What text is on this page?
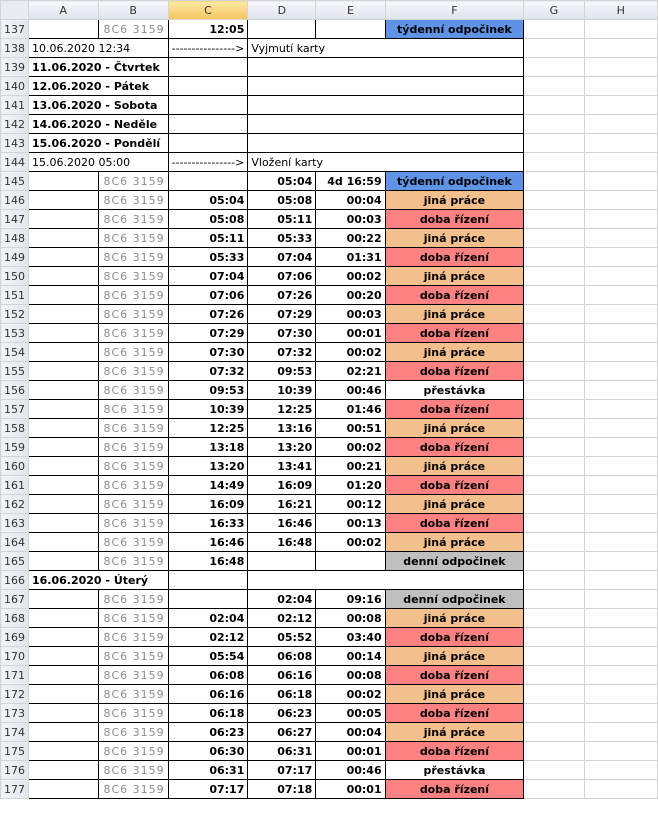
	A	B	C	D	E	F	G	H
137		8C6 3159	12:05			týdenní odpočinek		
138	10.06.2020 12:34		---------------->	Vyjmutí karty				
139	11.06.2020 - Čtvrtek							
140	12.06.2020 - Pátek							
141	13.06.2020 - Sobota							
142	14.06.2020 - Neděle							
143	15.06.2020 - Pondělí							
144	15.06.2020 05:00		---------------->	Vložení karty				
145		8C6 3159		05:04	4d 16:59	týdenní odpočinek		
146		8C6 3159	05:04	05:08	00:04	jiná práce		
147		8C6 3159	05:08	05:11	00:03	doba řízení		
148		8C6 3159	05:11	05:33	00:22	jiná práce		
149		8C6 3159	05:33	07:04	01:31	doba řízení		
150		8C6 3159	07:04	07:06	00:02	jiná práce		
151		8C6 3159	07:06	07:26	00:20	doba řízení		
152		8C6 3159	07:26	07:29	00:03	jiná práce		
153		8C6 3159	07:29	07:30	00:01	doba řízení		
154		8C6 3159	07:30	07:32	00:02	jiná práce		
155		8C6 3159	07:32	09:53	02:21	doba řízení		
156		8C6 3159	09:53	10:39	00:46	přestávka		
157		8C6 3159	10:39	12:25	01:46	doba řízení		
158		8C6 3159	12:25	13:16	00:51	jiná práce		
159		8C6 3159	13:18	13:20	00:02	doba řízení		
160		8C6 3159	13:20	13:41	00:21	jiná práce		
161		8C6 3159	14:49	16:09	01:20	doba řízení		
162		8C6 3159	16:09	16:21	00:12	jiná práce		
163		8C6 3159	16:33	16:46	00:13	doba řízení		
164		8C6 3159	16:46	16:48	00:02	jiná práce		
165		8C6 3159	16:48			denní odpočinek		
166	16.06.2020 - Úterý							
167		8C6 3159		02:04	09:16	denní odpočinek		
168		8C6 3159	02:04	02:12	00:08	jiná práce		
169		8C6 3159	02:12	05:52	03:40	doba řízení		
170		8C6 3159	05:54	06:08	00:14	jiná práce		
171		8C6 3159	06:08	06:16	00:08	doba řízení		
172		8C6 3159	06:16	06:18	00:02	jiná práce		
173		8C6 3159	06:18	06:23	00:05	doba řízení		
174		8C6 3159	06:23	06:27	00:04	jiná práce		
175		8C6 3159	06:30	06:31	00:01	doba řízení		
176		8C6 3159	06:31	07:17	00:46	přestávka		
177		8C6 3159	07:17	07:18	00:01	doba řízení		
